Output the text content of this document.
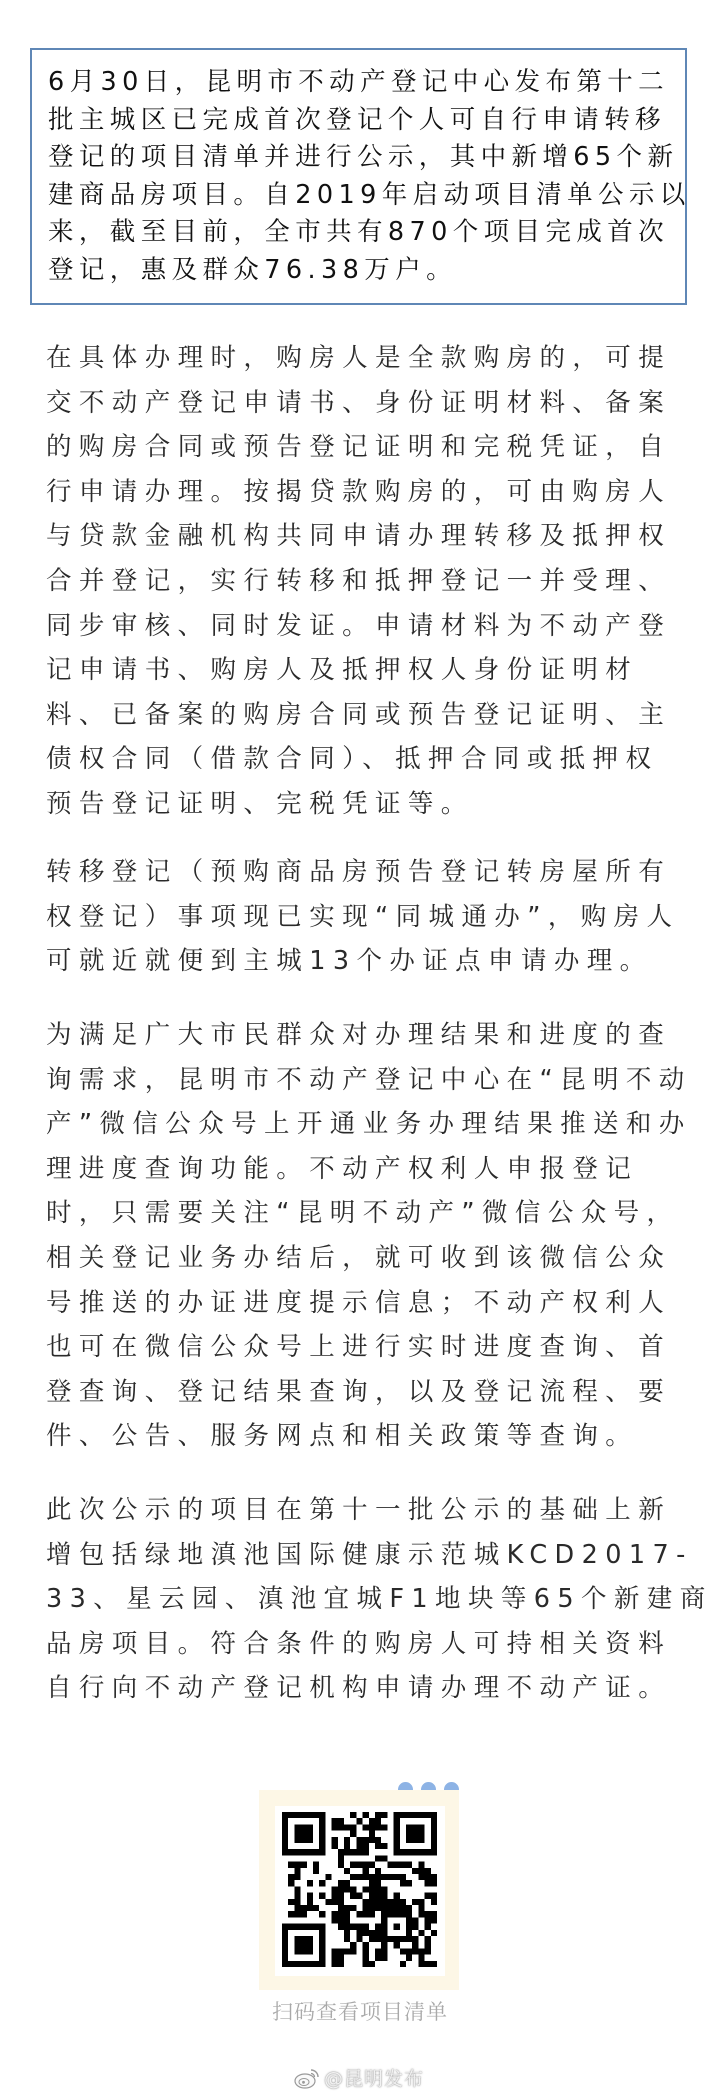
6月30日，昆明市不动产登记中心发布第十二
批主城区已完成首次登记个人可自行申请转移
登记的项目清单并进行公示，其中新增65个新
建商品房项目。自2019年启动项目清单公示以
来，截至目前，全市共有870个项目完成首次
登记，惠及群众76.38万户。

在具体办理时，购房人是全款购房的，可提
交不动产登记申请书、身份证明材料、备案
的购房合同或预告登记证明和完税凭证，自
行申请办理。按揭贷款购房的，可由购房人
与贷款金融机构共同申请办理转移及抵押权
合并登记，实行转移和抵押登记一并受理、
同步审核、同时发证。申请材料为不动产登
记申请书、购房人及抵押权人身份证明材
料、已备案的购房合同或预告登记证明、主
债权合同（借款合同）、抵押合同或抵押权
预告登记证明、完税凭证等。

转移登记（预购商品房预告登记转房屋所有
权登记）事项现已实现“同城通办”，购房人
可就近就便到主城13个办证点申请办理。

为满足广大市民群众对办理结果和进度的查
询需求，昆明市不动产登记中心在“昆明不动
产”微信公众号上开通业务办理结果推送和办
理进度查询功能。不动产权利人申报登记
时，只需要关注“昆明不动产”微信公众号，
相关登记业务办结后，就可收到该微信公众
号推送的办证进度提示信息；不动产权利人
也可在微信公众号上进行实时进度查询、首
登查询、登记结果查询，以及登记流程、要
件、公告、服务网点和相关政策等查询。

此次公示的项目在第十一批公示的基础上新
增包括绿地滇池国际健康示范城KCD2017-
33、星云园、滇池宜城F1地块等65个新建商
品房项目。符合条件的购房人可持相关资料
自行向不动产登记机构申请办理不动产证。

扫码查看项目清单
@昆明发布
